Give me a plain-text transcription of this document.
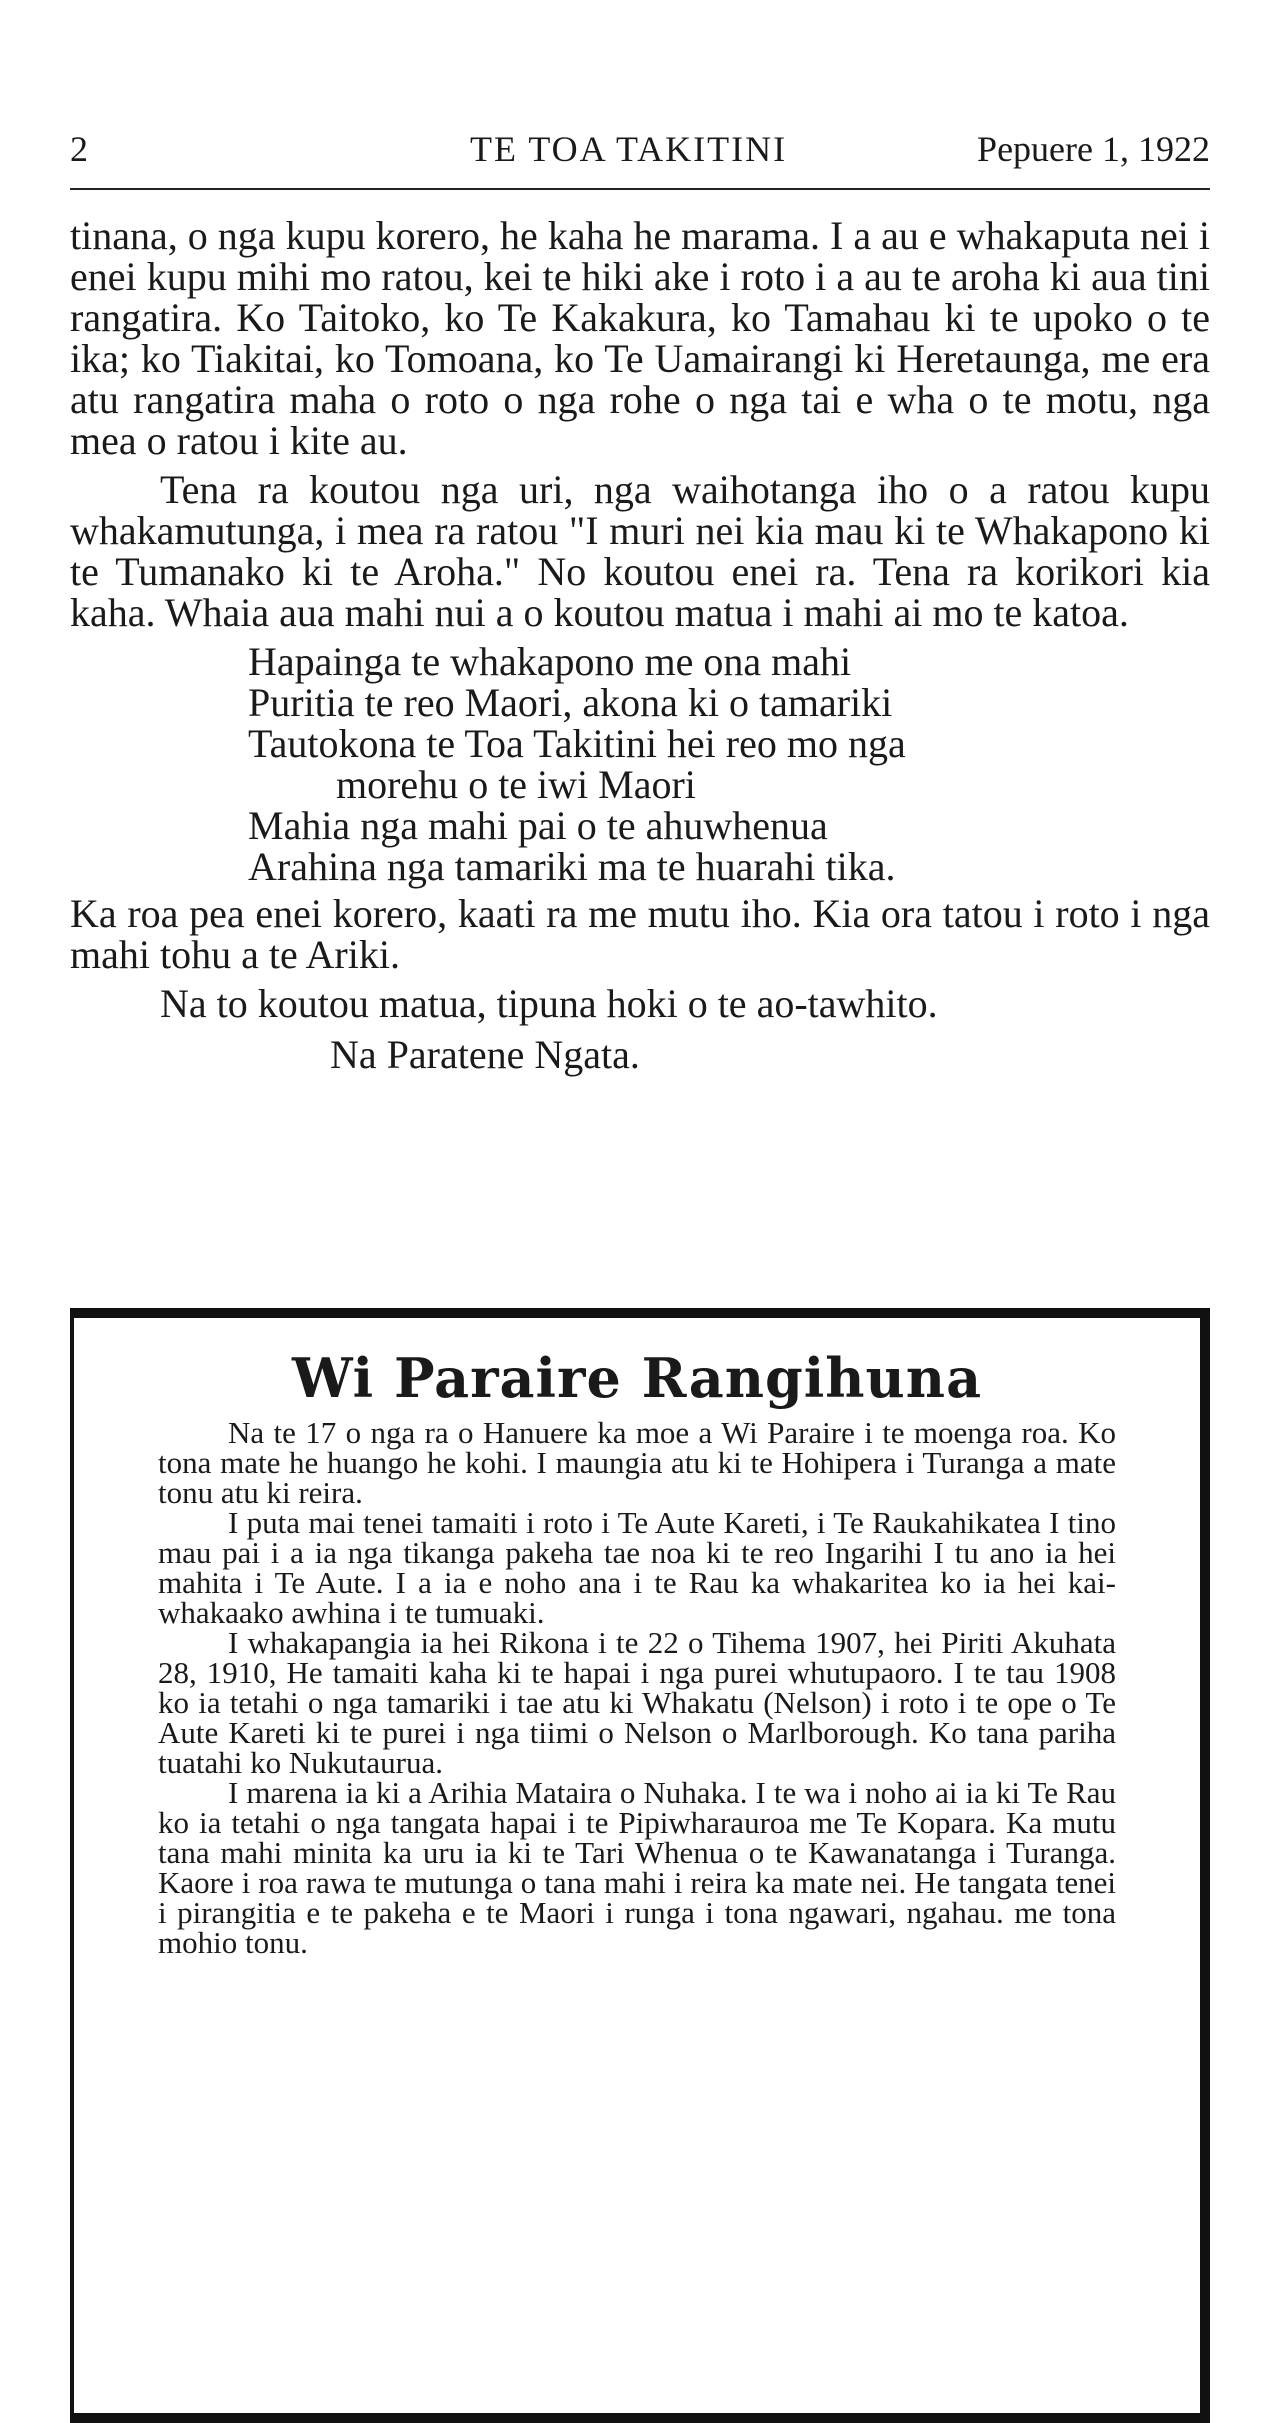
2	TE TOA TAKITINI	Pepuere 1, 1922

tinana, o nga kupu korero, he kaha he marama. I a au e whakaputa nei i enei kupu mihi mo ratou, kei te hiki ake i roto i a au te aroha ki aua tini rangatira. Ko Taitoko, ko Te Kakakura, ko Tamahau ki te upoko o te ika; ko Tiakitai, ko Tomoana, ko Te Uamairangi ki Heretaunga, me era atu rangatira maha o roto o nga rohe o nga tai e wha o te motu, nga mea o ratou i kite au.

Tena ra koutou nga uri, nga waihotanga iho o a ratou kupu whakamutunga, i mea ra ratou "I muri nei kia mau ki te Whakapono ki te Tumanako ki te Aroha." No koutou enei ra. Tena ra korikori kia kaha. Whaia aua mahi nui a o koutou matua i mahi ai mo te katoa.

Hapainga te whakapono me ona mahi
Puritia te reo Maori, akona ki o tamariki
Tautokona te Toa Takitini hei reo mo nga
morehu o te iwi Maori
Mahia nga mahi pai o te ahuwhenua
Arahina nga tamariki ma te huarahi tika.

Ka roa pea enei korero, kaati ra me mutu iho. Kia ora tatou i roto i nga mahi tohu a te Ariki.

Na to koutou matua, tipuna hoki o te ao-tawhito.

Na Paratene Ngata.
Wi Paraire Rangihuna

Na te 17 o nga ra o Hanuere ka moe a Wi Paraire i te moenga roa. Ko tona mate he huango he kohi. I maungia atu ki te Hohipera i Turanga a mate tonu atu ki reira.

I puta mai tenei tamaiti i roto i Te Aute Kareti, i Te Raukahikatea I tino mau pai i a ia nga tikanga pakeha tae noa ki te reo Ingarihi I tu ano ia hei mahita i Te Aute. I a ia e noho ana i te Rau ka whakaritea ko ia hei kai-whakaako awhina i te tumuaki.

I whakapangia ia hei Rikona i te 22 o Tihema 1907, hei Piriti Akuhata 28, 1910, He tamaiti kaha ki te hapai i nga purei whutupaoro. I te tau 1908 ko ia tetahi o nga tamariki i tae atu ki Whakatu (Nelson) i roto i te ope o Te Aute Kareti ki te purei i nga tiimi o Nelson o Marlborough. Ko tana pariha tuatahi ko Nukutaurua.

I marena ia ki a Arihia Mataira o Nuhaka. I te wa i noho ai ia ki Te Rau ko ia tetahi o nga tangata hapai i te Pipiwharauroa me Te Kopara. Ka mutu tana mahi minita ka uru ia ki te Tari Whenua o te Kawanatanga i Turanga. Kaore i roa rawa te mutunga o tana mahi i reira ka mate nei. He tangata tenei i pirangitia e te pakeha e te Maori i runga i tona ngawari, ngahau. me tona mohio tonu.
